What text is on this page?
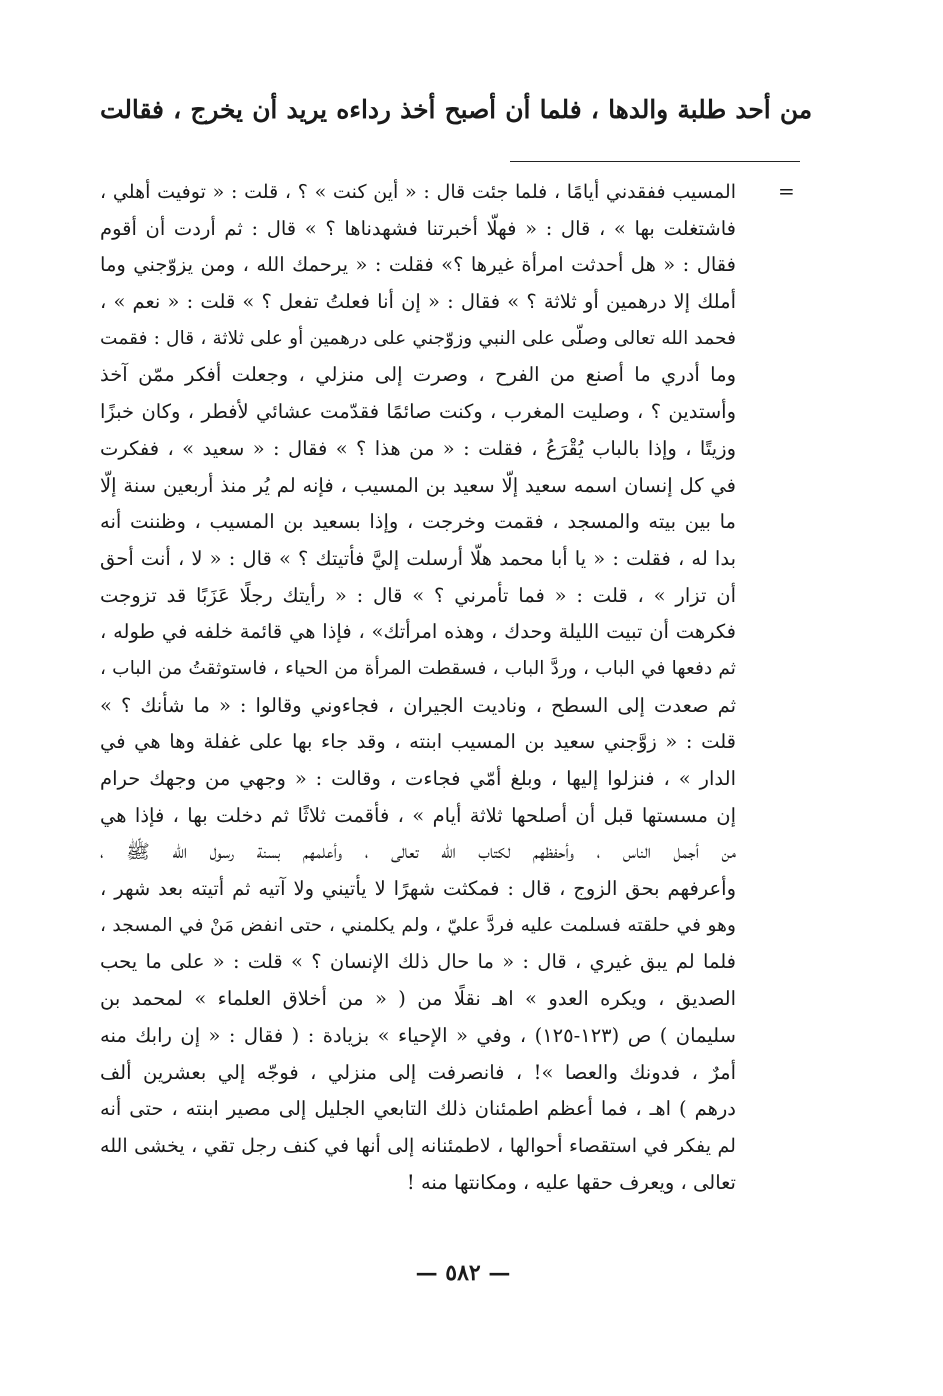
من أحد طلبة والدها ، فلما أن أصبح أخذ رداءه يريد أن يخرج ، فقالت
=
المسيب ففقدني أيامًا ، فلما جئت قال : « أين كنت » ؟ ، قلت : « توفيت أهلي ،
فاشتغلت بها » ، قال : « فهلّا أخبرتنا فشهدناها ؟ » قال : ثم أردت أن أقوم
فقال : « هل أحدثت امرأة غيرها ؟» فقلت : « يرحمك الله ، ومن يزوّجني وما
أملك إلا درهمين أو ثلاثة ؟ » فقال : « إن أنا فعلتُ تفعل ؟ » قلت : « نعم » ،
فحمد الله تعالى وصلّى على النبي وزوّجني على درهمين أو على ثلاثة ، قال : فقمت
وما أدري ما أصنع من الفرح ، وصرت إلى منزلي ، وجعلت أفكر ممّن آخذ
وأستدين ؟ ، وصليت المغرب ، وكنت صائمًا فقدّمت عشائي لأفطر ، وكان خبزًا
وزيتًا ، وإذا بالباب يُقْرَعُ ، فقلت : « من هذا ؟ » فقال : « سعيد » ، ففكرت
في كل إنسان اسمه سعيد إلّا سعيد بن المسيب ، فإنه لم يُر منذ أربعين سنة إلّا
ما بين بيته والمسجد ، فقمت وخرجت ، وإذا بسعيد بن المسيب ، وظننت أنه
بدا له ، فقلت : « يا أبا محمد هلّا أرسلت إليَّ فأتيتك ؟ » قال : « لا ، أنت أحق
أن تزار » ، قلت : « فما تأمرني ؟ » قال : « رأيتك رجلًا عَزَبًا قد تزوجت
فكرهت أن تبيت الليلة وحدك ، وهذه امرأتك» ، فإذا هي قائمة خلفه في طوله ،
ثم دفعها في الباب ، وردَّ الباب ، فسقطت المرأة من الحياء ، فاستوثقتُ من الباب ،
ثم صعدت إلى السطح ، وناديت الجيران ، فجاءوني وقالوا : « ما شأنك ؟ »
قلت : « زوَّجني سعيد بن المسيب ابنته ، وقد جاء بها على غفلة وها هي في
الدار » ، فنزلوا إليها ، وبلغ أمّي فجاءت ، وقالت : « وجهي من وجهك حرام
إن مسستها قبل أن أصلحها ثلاثة أيام » ، فأقمت ثلاثًا ثم دخلت بها ، فإذا هي
من أجمل الناس ، وأحفظهم لكتاب الله تعالى ، وأعلمهم بسنة رسول الله ﷺ ،
وأعرفهم بحق الزوج ، قال : فمكثت شهرًا لا يأتيني ولا آتيه ثم أتيته بعد شهر ،
وهو في حلقته فسلمت عليه فردَّ عليّ ، ولم يكلمني ، حتى انفض مَنْ في المسجد ،
فلما لم يبق غيري ، قال : « ما حال ذلك الإنسان ؟ » قلت : « على ما يحب
الصديق ، ويكره العدو » اهـ نقلًا من ( « من أخلاق العلماء » لمحمد بن
سليمان ) ص (١٢٣-١٢٥) ، وفي « الإحياء » بزيادة : ( فقال : « إن رابك منه
أمرٌ ، فدونك والعصا »! ، فانصرفت إلى منزلي ، فوجّه إلي بعشرين ألف
درهم ) اهـ ، فما أعظم اطمئنان ذلك التابعي الجليل إلى مصير ابنته ، حتى أنه
لم يفكر في استقصاء أحوالها ، لاطمئنانه إلى أنها في كنف رجل تقي ، يخشى الله
تعالى ، ويعرف حقها عليه ، ومكانتها منه !
— ٥٨٢ —
